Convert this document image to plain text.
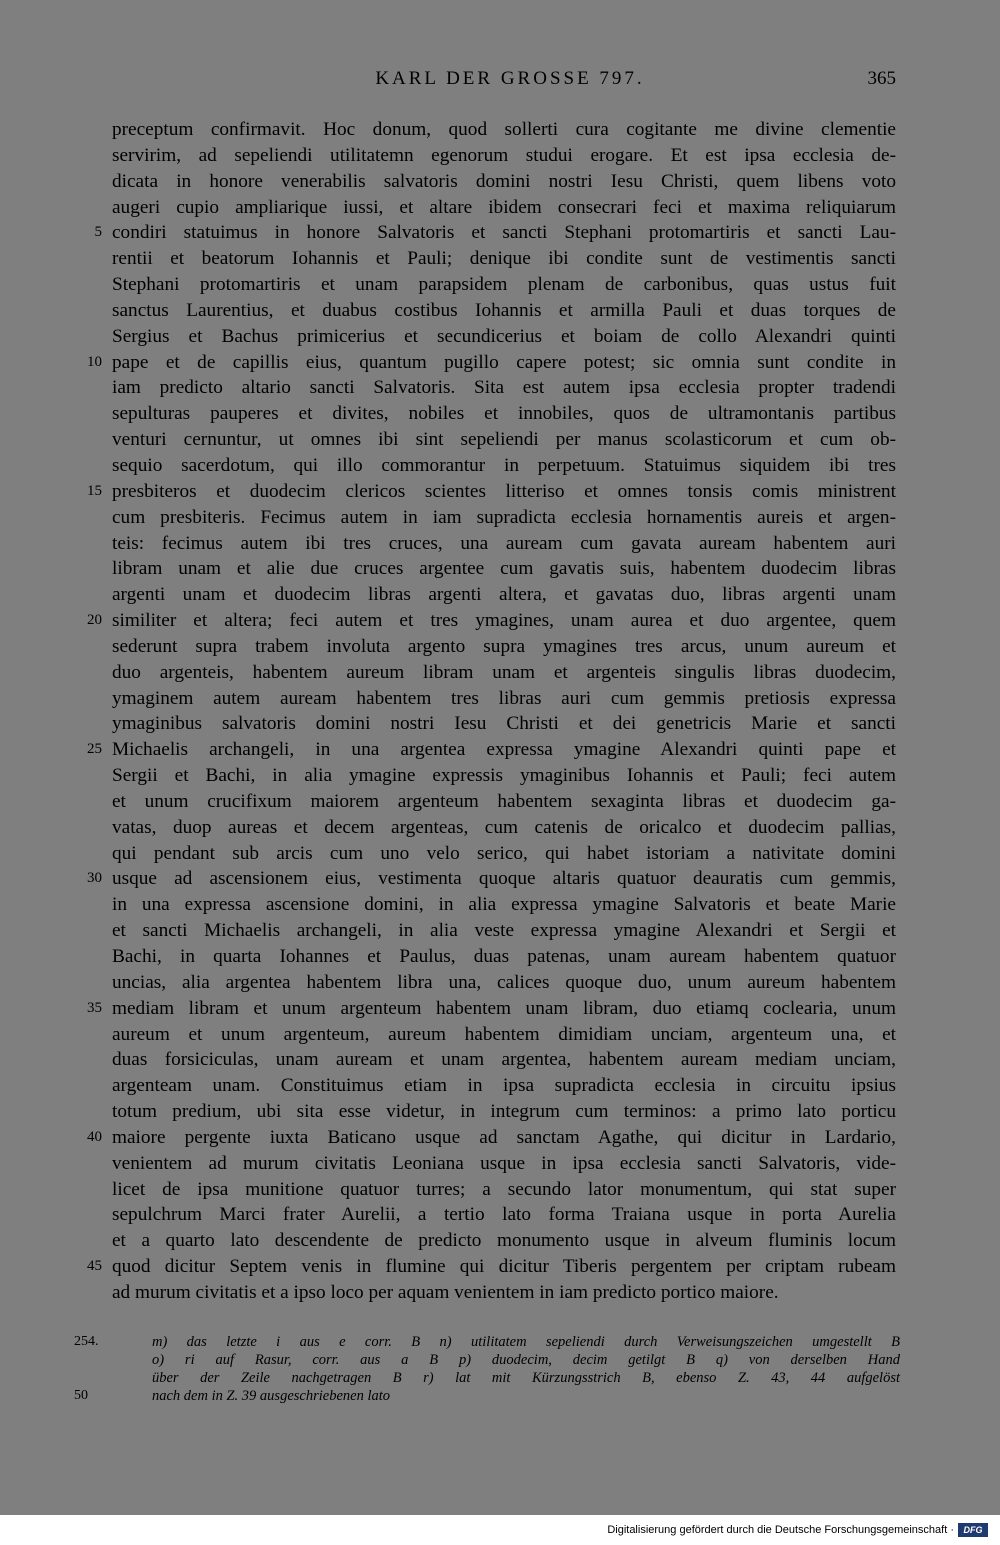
KARL DER GROSSE 797.	365
preceptum confirmavit. Hoc donum, quod sollerti cura cogitante me divine clementie
servirim, ad sepeliendi utilitatemn egenorum studui erogare. Et est ipsa ecclesia de-
dicata in honore venerabilis salvatoris domini nostri Iesu Christi, quem libens voto
augeri cupio ampliarique iussi, et altare ibidem consecrari feci et maxima reliquiarum
5 condiri statuimus in honore Salvatoris et sancti Stephani protomartiris et sancti Lau-
rentii et beatorum Iohannis et Pauli; denique ibi condite sunt de vestimentis sancti
Stephani protomartiris et unam parapsidem plenam de carbonibus, quas ustus fuit
sanctus Laurentius, et duabus costibus Iohannis et armilla Pauli et duas torques de
Sergius et Bachus primicerius et secundicerius et boiam de collo Alexandri quinti
10 pape et de capillis eius, quantum pugillo capere potest; sic omnia sunt condite in
iam predicto altario sancti Salvatoris. Sita est autem ipsa ecclesia propter tradendi
sepulturas pauperes et divites, nobiles et innobiles, quos de ultramontanis partibus
venturi cernuntur, ut omnes ibi sint sepeliendi per manus scolasticorum et cum ob-
sequio sacerdotum, qui illo commorantur in perpetuum. Statuimus siquidem ibi tres
15 presbiteros et duodecim clericos scientes litteriso et omnes tonsis comis ministrent
cum presbiteris. Fecimus autem in iam supradicta ecclesia hornamentis aureis et argen-
teis: fecimus autem ibi tres cruces, una auream cum gavata auream habentem auri
libram unam et alie due cruces argentee cum gavatis suis, habentem duodecim libras
argenti unam et duodecim libras argenti altera, et gavatas duo, libras argenti unam
20 similiter et altera; feci autem et tres ymagines, unam aurea et duo argentee, quem
sederunt supra trabem involuta argento supra ymagines tres arcus, unum aureum et
duo argenteis, habentem aureum libram unam et argenteis singulis libras duodecim,
ymaginem autem auream habentem tres libras auri cum gemmis pretiosis expressa
ymaginibus salvatoris domini nostri Iesu Christi et dei genetricis Marie et sancti
25 Michaelis archangeli, in una argentea expressa ymagine Alexandri quinti pape et
Sergii et Bachi, in alia ymagine expressis ymaginibus Iohannis et Pauli; feci autem
et unum crucifixum maiorem argenteum habentem sexaginta libras et duodecim ga-
vatas, duop aureas et decem argenteas, cum catenis de oricalco et duodecim pallias,
qui pendant sub arcis cum uno velo serico, qui habet istoriam a nativitate domini
30 usque ad ascensionem eius, vestimenta quoque altaris quatuor deauratis cum gemmis,
in una expressa ascensione domini, in alia expressa ymagine Salvatoris et beate Marie
et sancti Michaelis archangeli, in alia veste expressa ymagine Alexandri et Sergii et
Bachi, in quarta Iohannes et Paulus, duas patenas, unam auream habentem quatuor
uncias, alia argentea habentem libra una, calices quoque duo, unum aureum habentem
35 mediam libram et unum argenteum habentem unam libram, duo etiamq coclearia, unum
aureum et unum argenteum, aureum habentem dimidiam unciam, argenteum una, et
duas forsiciculas, unam auream et unam argentea, habentem auream mediam unciam,
argenteam unam. Constituimus etiam in ipsa supradicta ecclesia in circuitu ipsius
totum predium, ubi sita esse videtur, in integrum cum terminos: a primo lato porticu
40 maiore pergente iuxta Baticano usque ad sanctam Agathe, qui dicitur in Lardario,
venientem ad murum civitatis Leoniana usque in ipsa ecclesia sancti Salvatoris, vide-
licet de ipsa munitione quatuor turres; a secundo lator monumentum, qui stat super
sepulchrum Marci frater Aurelii, a tertio lato forma Traiana usque in porta Aurelia
et a quarto lato descendente de predicto monumento usque in alveum fluminis locum
45 quod dicitur Septem venis in flumine qui dicitur Tiberis pergentem per criptam rubeam
ad murum civitatis et a ipso loco per aquam venientem in iam predicto portico maiore.
254.	m) das letzte i aus e corr. B n) utilitatem sepeliendi durch Verweisungszeichen umgestellt B
o) ri auf Rasur, corr. aus a B p) duodecim, decim getilgt B q) von derselben Hand
über der Zeile nachgetragen B r) lat mit Kürzungsstrich B, ebenso Z. 43, 44 aufgelöst
50	nach dem in Z. 39 ausgeschriebenen lato
Digitalisierung gefördert durch die Deutsche Forschungsgemeinschaft ·	DFG
